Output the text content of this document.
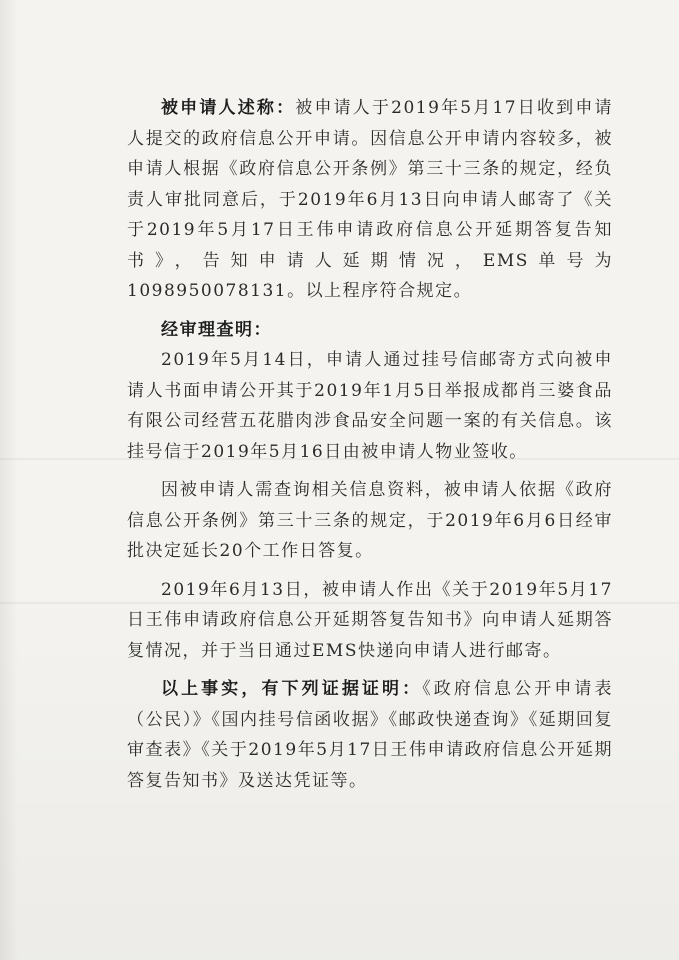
被申请人述称：被申请人于2019年5月17日收到申请人提交的政府信息公开申请。因信息公开申请内容较多，被申请人根据《政府信息公开条例》第三十三条的规定，经负责人审批同意后，于2019年6月13日向申请人邮寄了《关于2019年5月17日王伟申请政府信息公开延期答复告知书》，告知申请人延期情况，EMS单号为1098950078131。以上程序符合规定。

经审理查明：

2019年5月14日，申请人通过挂号信邮寄方式向被申请人书面申请公开其于2019年1月5日举报成都肖三婆食品有限公司经营五花腊肉涉食品安全问题一案的有关信息。该挂号信于2019年5月16日由被申请人物业签收。

因被申请人需查询相关信息资料，被申请人依据《政府信息公开条例》第三十三条的规定，于2019年6月6日经审批决定延长20个工作日答复。

2019年6月13日，被申请人作出《关于2019年5月17日王伟申请政府信息公开延期答复告知书》向申请人延期答复情况，并于当日通过EMS快递向申请人进行邮寄。

以上事实，有下列证据证明：《政府信息公开申请表（公民）》《国内挂号信函收据》《邮政快递查询》《延期回复审查表》《关于2019年5月17日王伟申请政府信息公开延期答复告知书》及送达凭证等。
